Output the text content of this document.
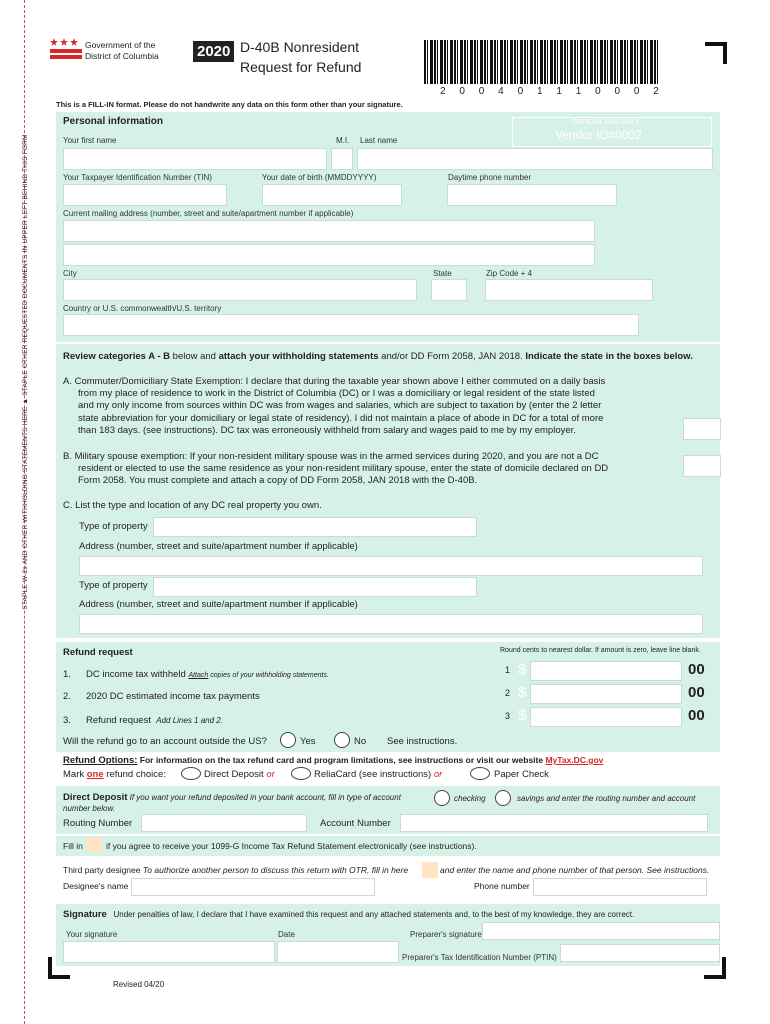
STAPLE W-2s AND OTHER WITHHOLDING STATEMENTS HERE ▲ STAPLE OTHER REQUESTED DOCUMENTS IN UPPER LEFT BEHIND THIS FORM
Government of the
District of Columbia	2020 D-40B Nonresident
Request for Refund
2 0 0 4 0 1 1 1 0 0 0 2
This is a FILL-IN format. Please do not handwrite any data on this form other than your signature.
Personal information	OFFICIAL USE ONLY
Vendor ID#0002
Your first name	M.I. Last name
Your Taxpayer Identification Number (TIN)	Your date of birth (MMDDYYYY)	Daytime phone number
Current mailing address (number, street and suite/apartment number if applicable)
City	State	Zip Code + 4
Country or U.S. commonwealth/U.S. territory
Review categories A - B below and attach your withholding statements and/or DD Form 2058, JAN 2018. Indicate the state in the boxes below.
A. Commuter/Domiciliary State Exemption: I declare that during the taxable year shown above I either commuted on a daily basis
from my place of residence to work in the District of Columbia (DC) or I was a domiciliary or legal resident of the state listed
and my only income from sources within DC was from wages and salaries, which are subject to taxation by (enter the 2 letter
state abbreviation for your domiciliary or legal state of residency). I did not maintain a place of abode in DC for a total of more
than 183 days. (see instructions). DC tax was erroneously withheld from salary and wages paid to me by my employer.
B. Military spouse exemption: If your non-resident military spouse was in the armed services during 2020, and you are not a DC
resident or elected to use the same residence as your non-resident military spouse, enter the state of domicile declared on DD
Form 2058. You must complete and attach a copy of DD Form 2058, JAN 2018 with the D-40B.
C. List the type and location of any DC real property you own.
Type of property
Address (number, street and suite/apartment number if applicable)
Type of property
Address (number, street and suite/apartment number if applicable)
Refund request	Round cents to nearest dollar. If amount is zero, leave line blank.
1. DC income tax withheld Attach copies of your withholding statements.
2. 2020 DC estimated income tax payments
3. Refund request Add Lines 1 and 2.
1 $	00
2 $	00
3 $	00
Will the refund go to an account outside the US?	Yes	No See instructions.
Refund Options: For information on the tax refund card and program limitations, see instructions or visit our website MyTax.DC.gov
Mark one refund choice:	Direct Deposit or	ReliaCard (see instructions) or	Paper Check
Direct Deposit If you want your refund deposited in your bank account, fill in type of account	checking	savings and enter the routing number and account
number below.
Routing Number	Account Number
Fill in	if you agree to receive your 1099-G Income Tax Refund Statement electronically (see instructions).
Third party designee To authorize another person to discuss this return with OTR, fill in here	and enter the name and phone number of that person. See instructions.
Designee's name	Phone number
Signature Under penalties of law, I declare that I have examined this request and any attached statements and, to the best of my knowledge, they are correct.
Your signature	Date	Preparer's signature
Preparer's Tax Identification Number (PTIN)
Revised 04/20
